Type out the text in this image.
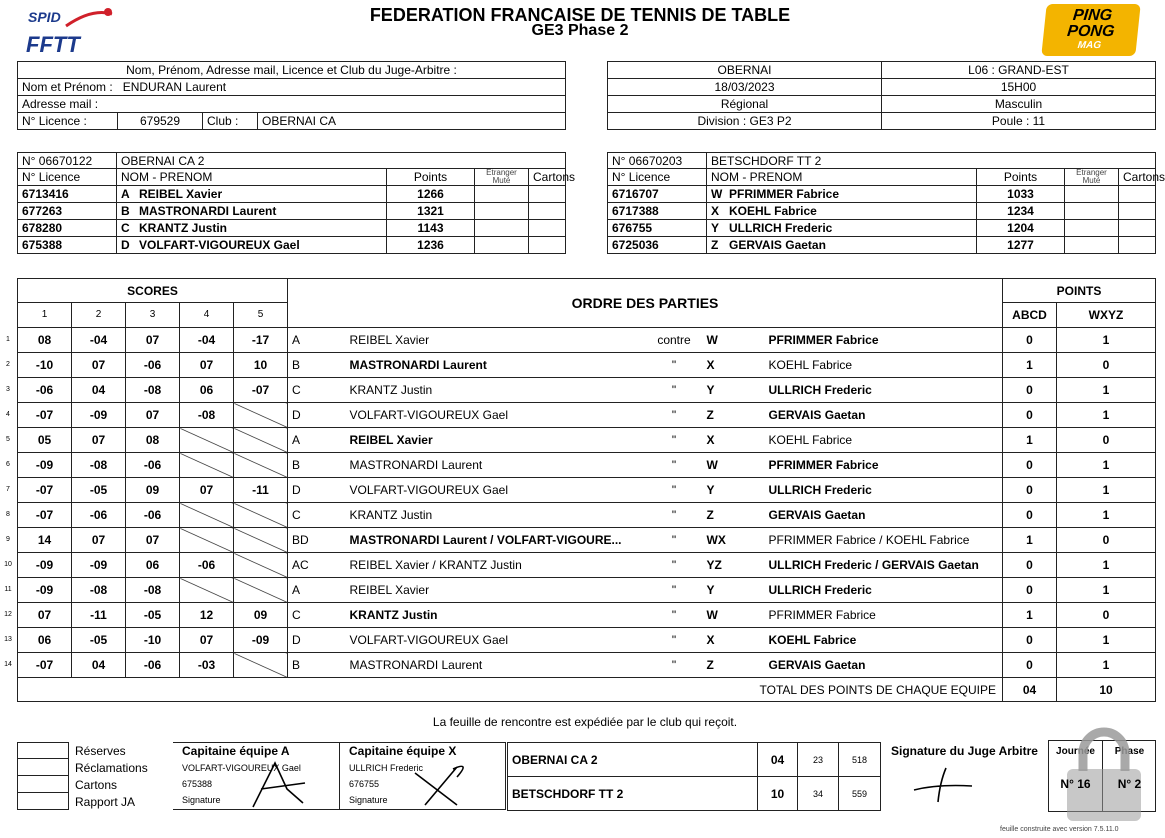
SPID
FFTT
FEDERATION FRANCAISE DE TENNIS DE TABLE
GE3 Phase 2
PING
PONG
MAG
Nom, Prénom, Adresse mail, Licence et Club du Juge-Arbitre :
Nom et Prénom : ENDURAN Laurent
Adresse mail :
N° Licence :	679529	Club :	OBERNAI CA
OBERNAI	L06 : GRAND-EST
18/03/2023	15H00
Régional	Masculin
Division : GE3 P2	Poule : 11
N° 06670122	OBERNAI CA 2			
N° Licence	NOM - PRENOM	Points	Etranger
Muté	Cartons
6713416	A REIBEL Xavier	1266		
677263	B MASTRONARDI Laurent	1321		
678280	C KRANTZ Justin	1143		
675388	D VOLFART-VIGOUREUX Gael	1236		
N° 06670203	BETSCHDORF TT 2			
N° Licence	NOM - PRENOM	Points	Etranger
Muté	Cartons
6716707	W PFRIMMER Fabrice	1033		
6717388	X KOEHL Fabrice	1234		
676755	Y ULLRICH Frederic	1204		
6725036	Z GERVAIS Gaetan	1277		
SCORES					ORDRE DES PARTIES				POINTS	
1	2	3	4	5					ABCD	WXYZ
08	-04	07	-04	-17	A	REIBEL Xavier	contre	W PFRIMMER Fabrice	0	1
-10	07	-06	07	10	B	MASTRONARDI Laurent	"	X KOEHL Fabrice	1	0
-06	04	-08	06	-07	C	KRANTZ Justin	"	Y ULLRICH Frederic	0	1
-07	-09	07	-08		D	VOLFART-VIGOUREUX Gael	"	Z GERVAIS Gaetan	0	1
05	07	08			A	REIBEL Xavier	"	X KOEHL Fabrice	1	0
-09	-08	-06			B	MASTRONARDI Laurent	"	W PFRIMMER Fabrice	0	1
-07	-05	09	07	-11	D	VOLFART-VIGOUREUX Gael	"	Y ULLRICH Frederic	0	1
-07	-06	-06			C	KRANTZ Justin	"	Z GERVAIS Gaetan	0	1
14	07	07			BD	MASTRONARDI Laurent / VOLFART-VIGOURE...	"	WX PFRIMMER Fabrice / KOEHL Fabrice	1	0
-09	-09	06	-06		AC	REIBEL Xavier / KRANTZ Justin	"	YZ ULLRICH Frederic / GERVAIS Gaetan	0	1
-09	-08	-08			A	REIBEL Xavier	"	Y ULLRICH Frederic	0	1
07	-11	-05	12	09	C	KRANTZ Justin	"	W PFRIMMER Fabrice	1	0
06	-05	-10	07	-09	D	VOLFART-VIGOUREUX Gael	"	X KOEHL Fabrice	0	1
-07	04	-06	-03		B	MASTRONARDI Laurent	"	Z GERVAIS Gaetan	0	1
TOTAL DES POINTS DE CHAQUE EQUIPE									04	10
1
2
3
4
5
6
7
8
9
10
11
12
13
14
La feuille de rencontre est expédiée par le club qui reçoit.
Réserves
Réclamations
Cartons
Rapport JA
Capitaine équipe A
VOLFART-VIGOUREUX Gael
675388
Signature
Capitaine équipe X
ULLRICH Frederic
676755
Signature
OBERNAI CA 2	04	23	518
BETSCHDORF TT 2	10	34	559
Signature du Juge Arbitre	Journée	Phase
N° 16	N° 2
feuille construite avec version 7.5.11.0
